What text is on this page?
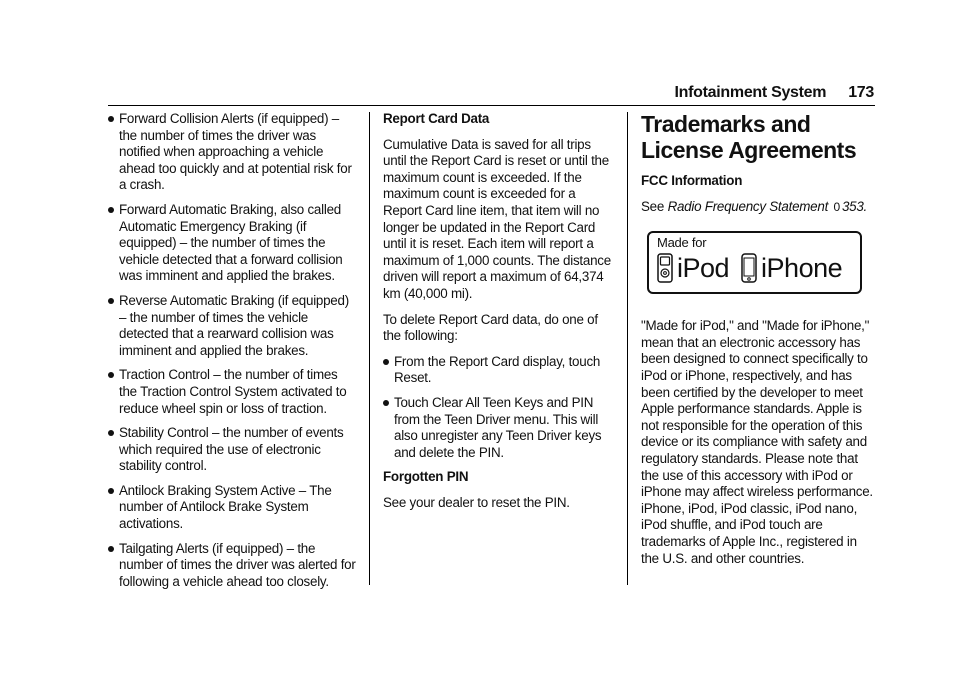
Infotainment System 173
Forward Collision Alerts (if equipped) – the number of times the driver was notified when approaching a vehicle ahead too quickly and at potential risk for a crash.
Forward Automatic Braking, also called Automatic Emergency Braking (if equipped) – the number of times the vehicle detected that a forward collision was imminent and applied the brakes.
Reverse Automatic Braking (if equipped) – the number of times the vehicle detected that a rearward collision was imminent and applied the brakes.
Traction Control – the number of times the Traction Control System activated to reduce wheel spin or loss of traction.
Stability Control – the number of events which required the use of electronic stability control.
Antilock Braking System Active – The number of Antilock Brake System activations.
Tailgating Alerts (if equipped) – the number of times the driver was alerted for following a vehicle ahead too closely.
Report Card Data

Cumulative Data is saved for all trips until the Report Card is reset or until the maximum count is exceeded. If the maximum count is exceeded for a Report Card line item, that item will no longer be updated in the Report Card until it is reset. Each item will report a maximum of 1,000 counts. The distance driven will report a maximum of 64,374 km (40,000 mi).

To delete Report Card data, do one of the following:

From the Report Card display, touch Reset.
Touch Clear All Teen Keys and PIN from the Teen Driver menu. This will also unregister any Teen Driver keys and delete the PIN.
Forgotten PIN

See your dealer to reset the PIN.

Trademarks and License Agreements
FCC Information

See Radio Frequency Statement 0 353.

Made for
iPod iPhone

"Made for iPod," and "Made for iPhone," mean that an electronic accessory has been designed to connect specifically to iPod or iPhone, respectively, and has been certified by the developer to meet Apple performance standards. Apple is not responsible for the operation of this device or its compliance with safety and regulatory standards. Please note that the use of this accessory with iPod or iPhone may affect wireless performance. iPhone, iPod, iPod classic, iPod nano, iPod shuffle, and iPod touch are trademarks of Apple Inc., registered in the U.S. and other countries.
